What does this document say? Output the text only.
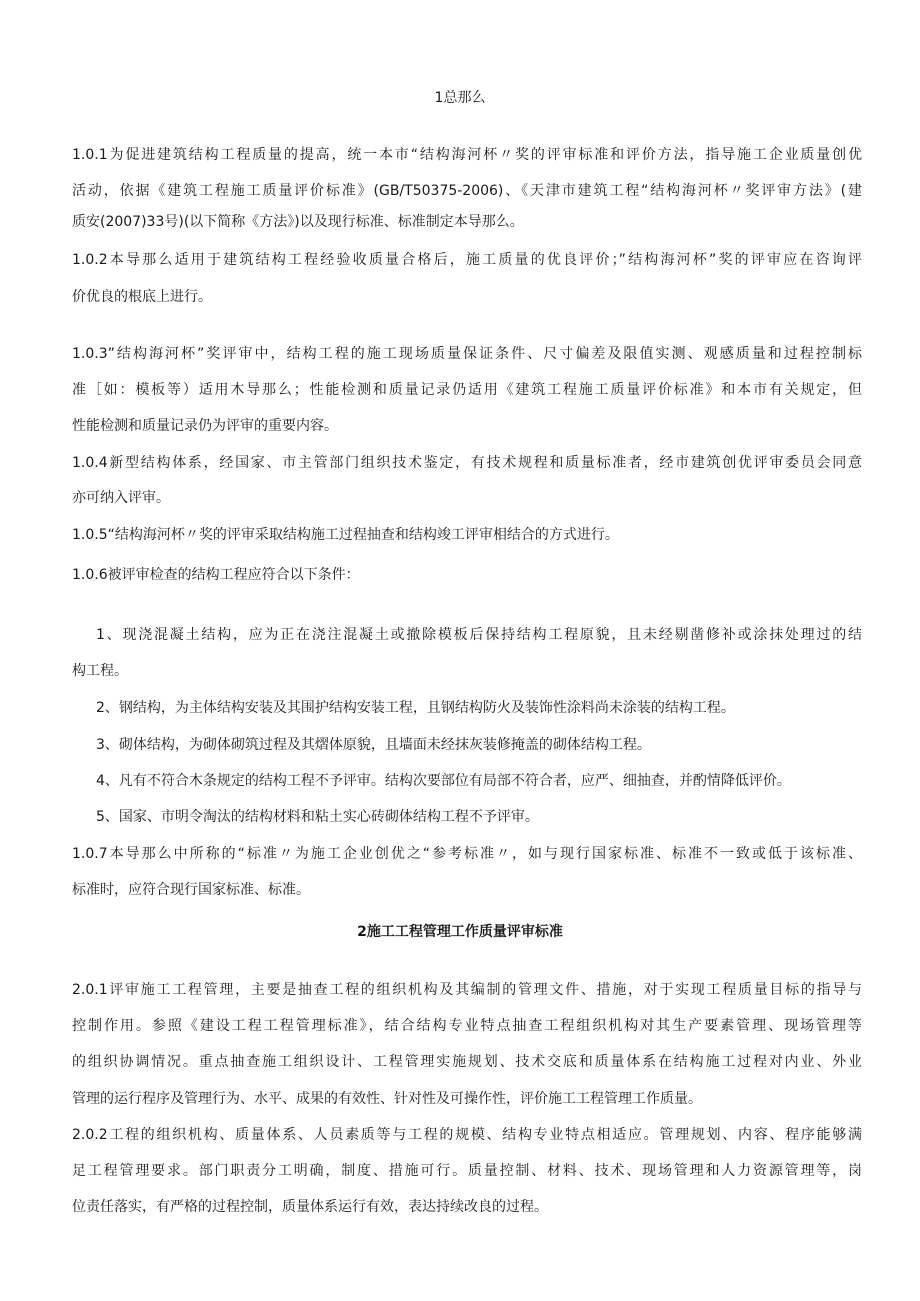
1总那么
1.0.1为促进建筑结构工程质量的提高，统一本市“结构海河杯〃奖的评审标准和评价方法，指导施工企业质量创优
活动，依据《建筑工程施工质量评价标准》(GB/T50375-2006)、《天津市建筑工程“结构海河杯〃奖评审方法》(建
质安(2007)33号)(以下简称《方法》)以及现行标准、标准制定本导那么。
1.0.2本导那么适用于建筑结构工程经验收质量合格后，施工质量的优良评价；”结构海河杯”奖的评审应在咨询评
价优良的根底上进行。
1.0.3”结构海河杯”奖评审中，结构工程的施工现场质量保证条件、尺寸偏差及限值实测、观感质量和过程控制标
准［如：模板等）适用木导那么；性能检测和质量记录仍适用《建筑工程施工质量评价标准》和本市有关规定，但
性能检测和质量记录仍为评审的重要内容。
1.0.4新型结构体系，经国家、市主管部门组织技术鉴定，有技术规程和质量标准者，经市建筑创优评审委员会同意
亦可纳入评审。
1.0.5“结构海河杯〃奖的评审采取结构施工过程抽查和结构竣工评审相结合的方式进行。
1.0.6被评审检查的结构工程应符合以下条件：
1、现浇混凝土结构，应为正在浇注混凝土或撤除模板后保持结构工程原貌，且未经剔凿修补或涂抹处理过的结
构工程。
2、钢结构，为主体结构安装及其围护结构安装工程，且钢结构防火及装饰性涂料尚未涂装的结构工程。
3、砌体结构，为砌体砌筑过程及其熠体原貌，且墙面未经抹灰装修掩盖的砌体结构工程。
4、凡有不符合木条规定的结构工程不予评审。结构次要部位有局部不符合者，应严、细抽查，并酌情降低评价。
5、国家、市明令淘汰的结构材料和粘土实心砖砌体结构工程不予评审。
1.0.7本导那么中所称的“标准〃为施工企业创优之“参考标准〃，如与现行国家标准、标准不一致或低于该标准、
标准时，应符合现行国家标准、标准。
2施工工程管理工作质量评审标准
2.0.1评审施工工程管理，主要是抽查工程的组织机构及其编制的管理文件、措施，对于实现工程质量目标的指导与
控制作用。参照《建设工程工程管理标准》，结合结构专业特点抽查工程组织机构对其生产要素管理、现场管理等
的组织协调情况。重点抽查施工组织设计、工程管理实施规划、技术交底和质量体系在结构施工过程对内业、外业
管理的运行程序及管理行为、水平、成果的有效性、针对性及可操作性，评价施工工程管理工作质量。
2.0.2工程的组织机构、质量体系、人员素质等与工程的规模、结构专业特点相适应。管理规划、内容、程序能够满
足工程管理要求。部门职责分工明确，制度、措施可行。质量控制、材料、技术、现场管理和人力资源管理等，岗
位责任落实，有严格的过程控制，质量体系运行有效，表达持续改良的过程。
